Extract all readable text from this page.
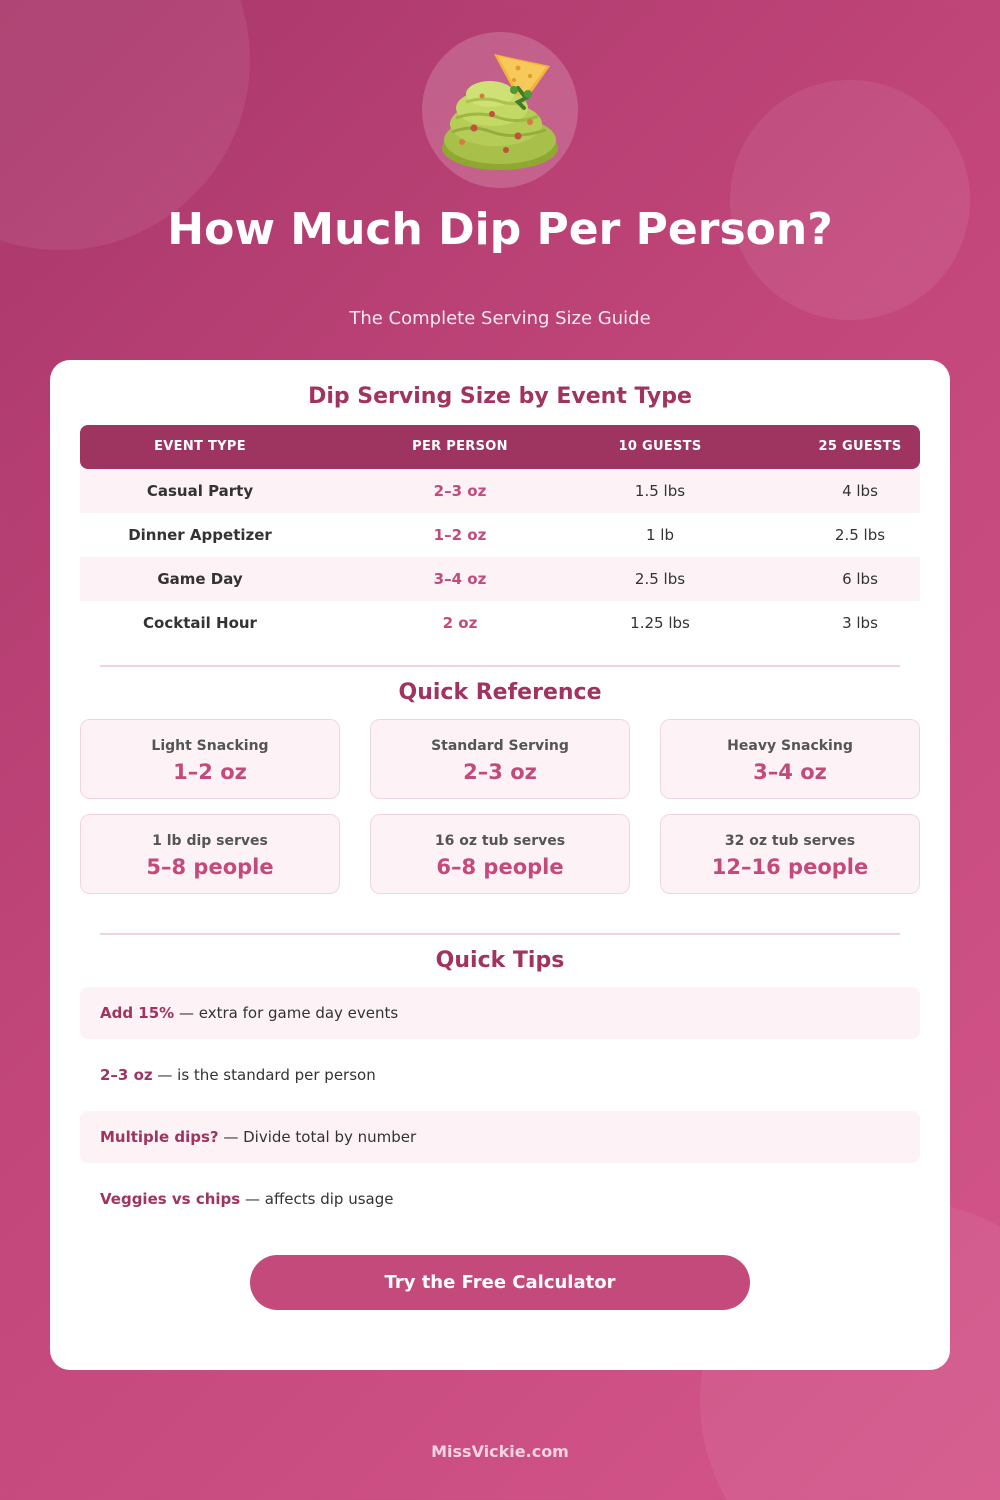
How Much Dip Per Person?
The Complete Serving Size Guide
Dip Serving Size by Event Type
EVENT TYPE	PER PERSON	10 GUESTS	25 GUESTS
Casual Party	2–3 oz	1.5 lbs	4 lbs
Dinner Appetizer	1–2 oz	1 lb	2.5 lbs
Game Day	3–4 oz	2.5 lbs	6 lbs
Cocktail Hour	2 oz	1.25 lbs	3 lbs
Quick Reference
Light Snacking
1–2 oz
Standard Serving
2–3 oz
Heavy Snacking
3–4 oz
1 lb dip serves
5–8 people
16 oz tub serves
6–8 people
32 oz tub serves
12–16 people
Quick Tips
Add 15% — extra for game day events
2–3 oz — is the standard per person
Multiple dips? — Divide total by number
Veggies vs chips — affects dip usage
Try the Free Calculator
MissVickie.com
